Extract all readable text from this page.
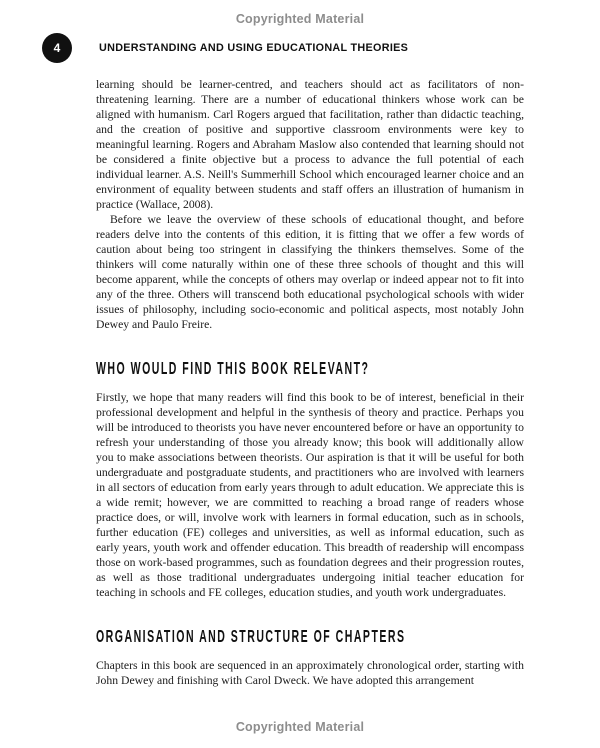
Copyrighted Material
4	UNDERSTANDING AND USING EDUCATIONAL THEORIES

learning should be learner-centred, and teachers should act as facilitators of non-threatening learning. There are a number of educational thinkers whose work can be aligned with humanism. Carl Rogers argued that facilitation, rather than didactic teaching, and the creation of positive and supportive classroom environments were key to meaningful learning. Rogers and Abraham Maslow also contended that learning should not be considered a finite objective but a process to advance the full potential of each individual learner. A.S. Neill's Summerhill School which encouraged learner choice and an environment of equality between students and staff offers an illustration of humanism in practice (Wallace, 2008).

Before we leave the overview of these schools of educational thought, and before readers delve into the contents of this edition, it is fitting that we offer a few words of caution about being too stringent in classifying the thinkers themselves. Some of the thinkers will come naturally within one of these three schools of thought and this will become apparent, while the concepts of others may overlap or indeed appear not to fit into any of the three. Others will transcend both educational psychological schools with wider issues of philosophy, including socio-economic and political aspects, most notably John Dewey and Paulo Freire.

WHO WOULD FIND THIS BOOK RELEVANT?

Firstly, we hope that many readers will find this book to be of interest, beneficial in their professional development and helpful in the synthesis of theory and practice. Perhaps you will be introduced to theorists you have never encountered before or have an opportunity to refresh your understanding of those you already know; this book will additionally allow you to make associations between theorists. Our aspiration is that it will be useful for both undergraduate and postgraduate students, and practitioners who are involved with learners in all sectors of education from early years through to adult education. We appreciate this is a wide remit; however, we are committed to reaching a broad range of readers whose practice does, or will, involve work with learners in formal education, such as in schools, further education (FE) colleges and universities, as well as informal education, such as early years, youth work and offender education. This breadth of readership will encompass those on work-based programmes, such as foundation degrees and their progression routes, as well as those traditional undergraduates undergoing initial teacher education for teaching in schools and FE colleges, education studies, and youth work undergraduates.

ORGANISATION AND STRUCTURE OF CHAPTERS

Chapters in this book are sequenced in an approximately chronological order, starting with John Dewey and finishing with Carol Dweck. We have adopted this arrangement

Copyrighted Material
